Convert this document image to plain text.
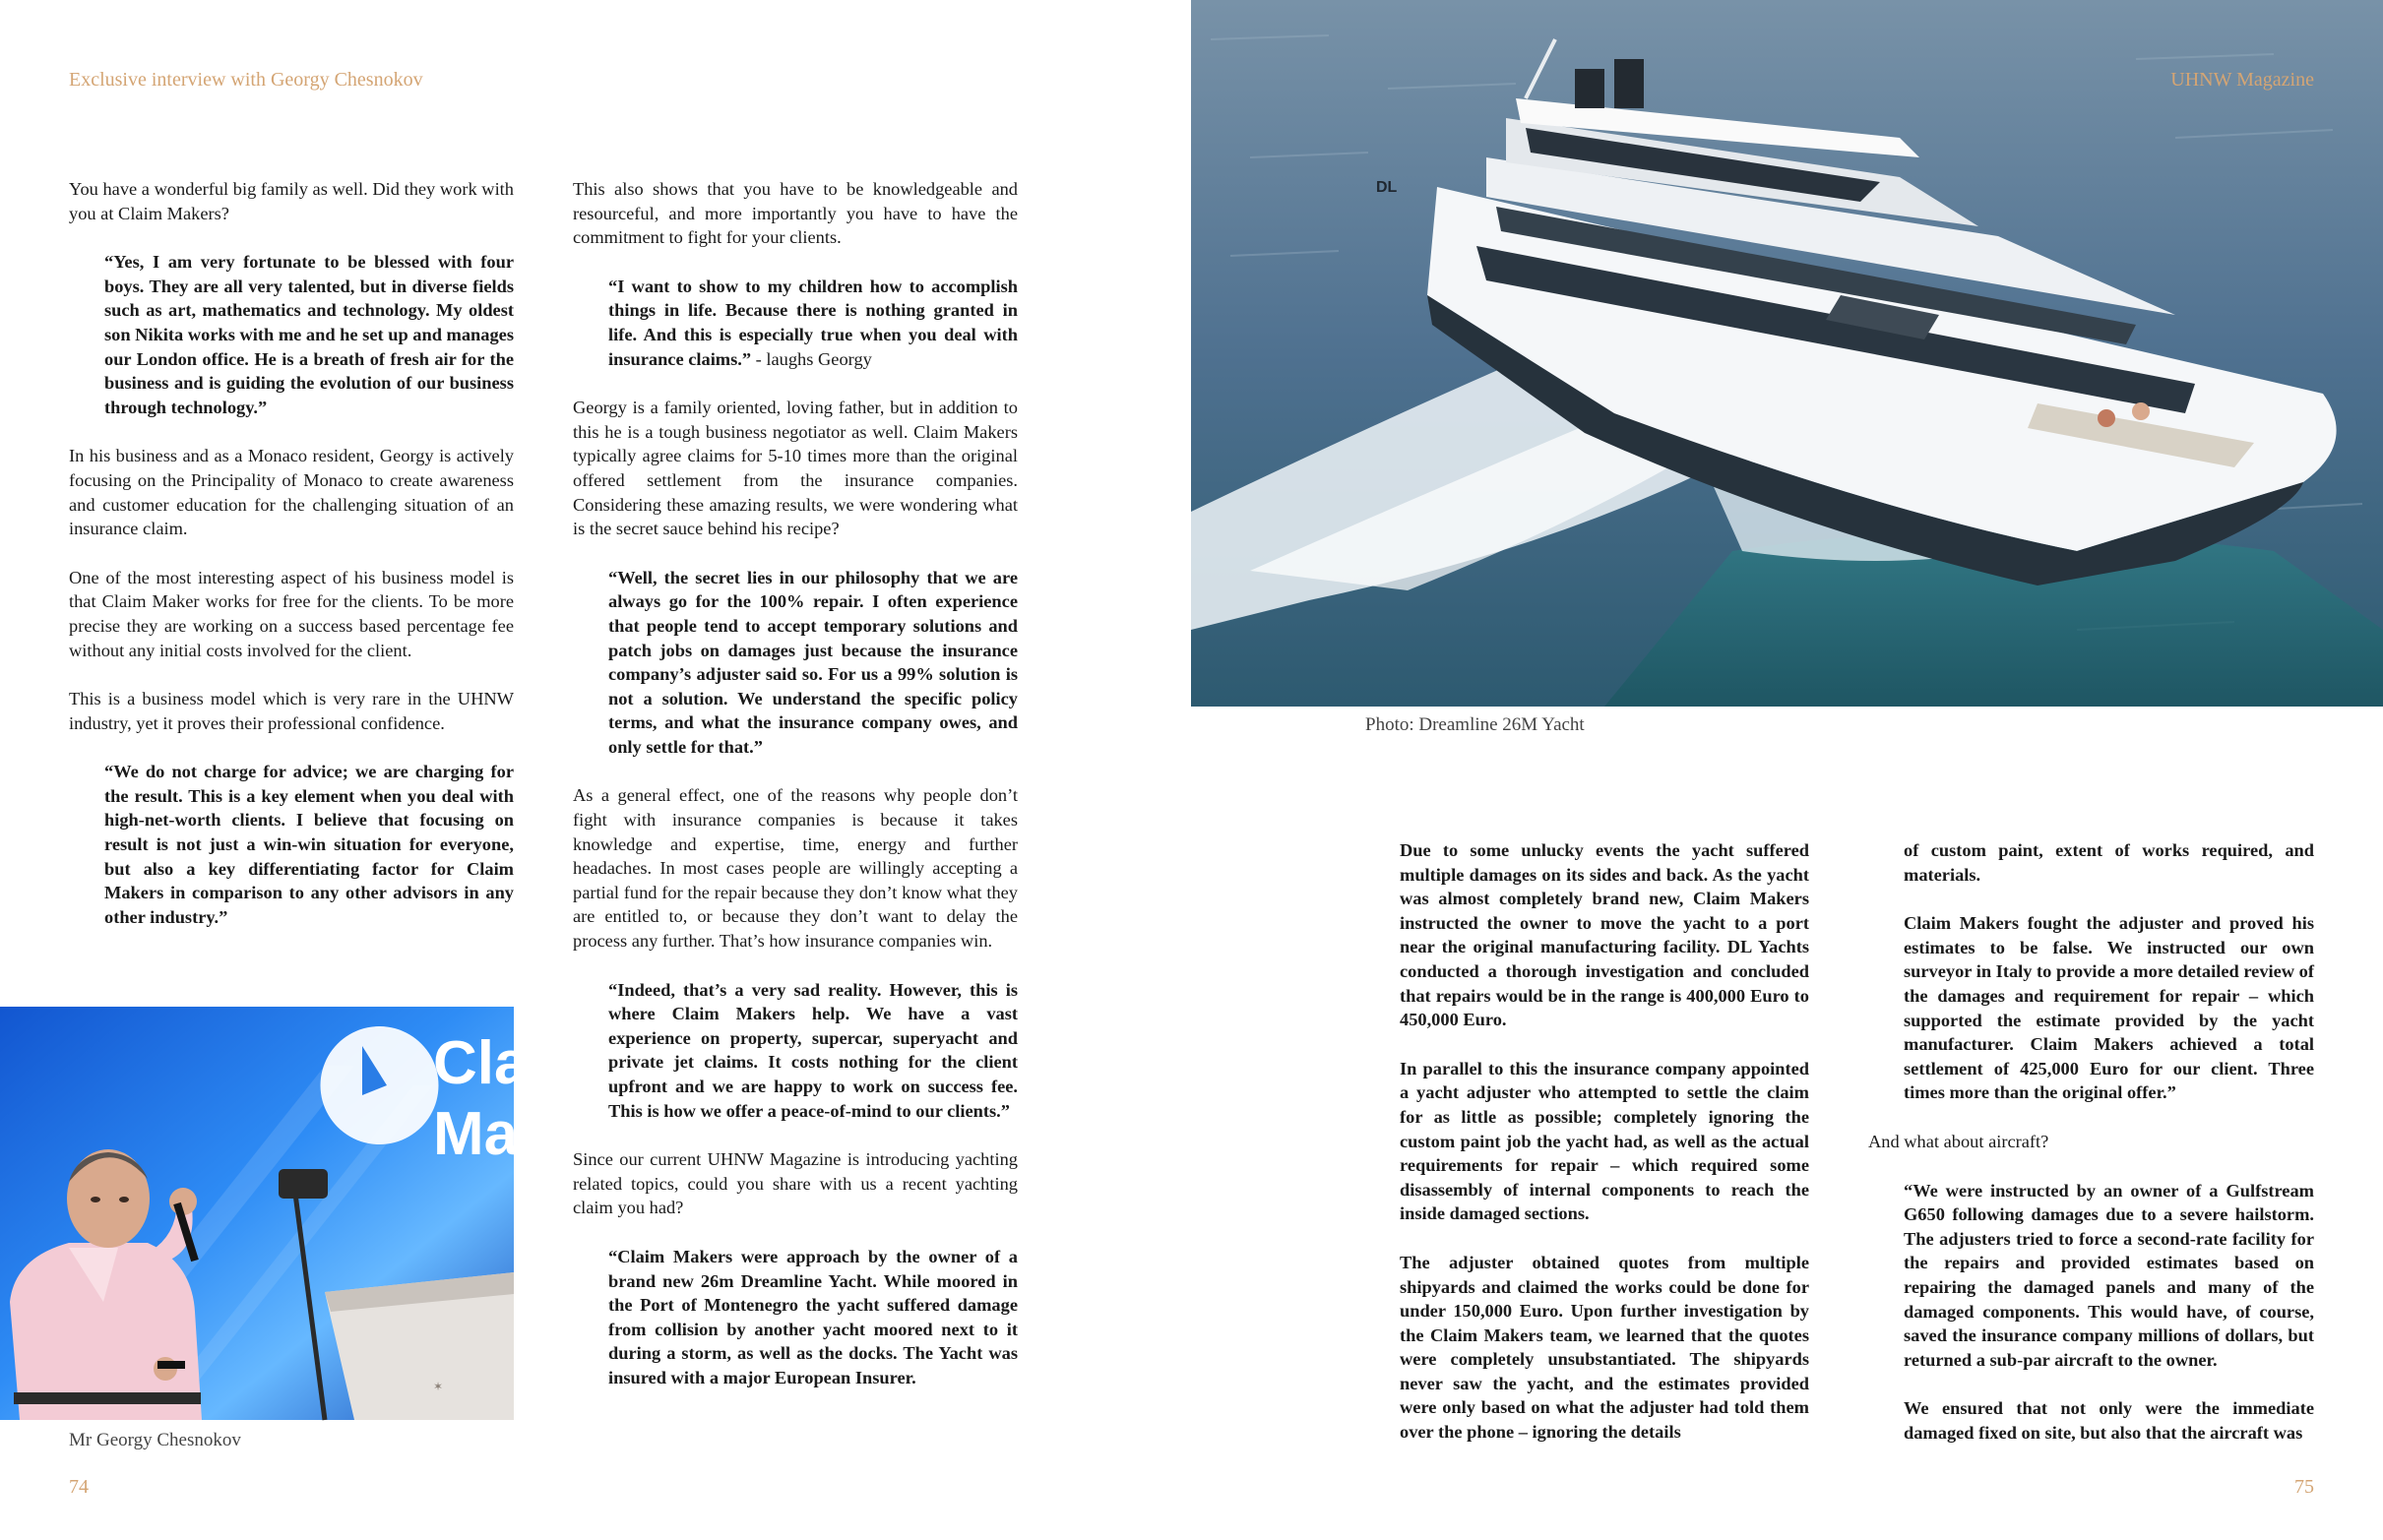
Exclusive interview with Georgy Chesnokov

You have a wonderful big family as well. Did they work with you at Claim Makers?

“Yes, I am very fortunate to be blessed with four boys. They are all very talented, but in diverse fields such as art, mathematics and technology. My oldest son Nikita works with me and he set up and manages our London office. He is a breath of fresh air for the business and is guiding the evolution of our business through technology.”

In his business and as a Monaco resident, Georgy is actively focusing on the Principality of Monaco to create awareness and customer education for the challenging situation of an insurance claim.

One of the most interesting aspect of his business model is that Claim Maker works for free for the clients. To be more precise they are working on a success based percentage fee without any initial costs involved for the client.

This is a business model which is very rare in the UHNW industry, yet it proves their professional confidence.

“We do not charge for advice; we are charging for the result. This is a key element when you deal with high-net-worth clients. I believe that focusing on result is not just a win-win situation for everyone, but also a key differentiating factor for Claim Makers in comparison to any other advisors in any other industry.”

This also shows that you have to be knowledgeable and resourceful, and more importantly you have to have the commitment to fight for your clients.

“I want to show to my children how to accomplish things in life. Because there is nothing granted in life. And this is especially true when you deal with insurance claims.” - laughs Georgy

Georgy is a family oriented, loving father, but in addition to this he is a tough business negotiator as well. Claim Makers typically agree claims for 5-10 times more than the original offered settlement from the insurance companies. Considering these amazing results, we were wondering what is the secret sauce behind his recipe?

“Well, the secret lies in our philosophy that we are always go for the 100% repair. I often experience that people tend to accept temporary solutions and patch jobs on damages just because the insurance company’s adjuster said so. For us a 99% solution is not a solution. We understand the specific policy terms, and what the insurance company owes, and only settle for that.”

As a general effect, one of the reasons why people don’t fight with insurance companies is because it takes knowledge and expertise, time, energy and further headaches. In most cases people are willingly accepting a partial fund for the repair because they don’t know what they are entitled to, or because they don’t want to delay the process any further. That’s how insurance companies win.

“Indeed, that’s a very sad reality. However, this is where Claim Makers help. We have a vast experience on property, supercar, superyacht and private jet claims. It costs nothing for the client upfront and we are happy to work on success fee. This is how we offer a peace-of-mind to our clients.”

Since our current UHNW Magazine is introducing yachting related topics, could you share with us a recent yachting claim you had?

“Claim Makers were approach by the owner of a brand new 26m Dreamline Yacht. While moored in the Port of Montenegro the yacht suffered damage from collision by another yacht moored next to it during a storm, as well as the docks. The Yacht was insured with a major European Insurer.

Cla
Ma
✶
Mr Georgy Chesnokov
74
DL
UHNW Magazine
Photo: Dreamline 26M Yacht

Due to some unlucky events the yacht suffered multiple damages on its sides and back. As the yacht was almost completely brand new, Claim Makers instructed the owner to move the yacht to a port near the original manufacturing facility. DL Yachts conducted a thorough investigation and concluded that repairs would be in the range is 400,000 Euro to 450,000 Euro.

In parallel to this the insurance company appointed a yacht adjuster who attempted to settle the claim for as little as possible; completely ignoring the custom paint job the yacht had, as well as the actual requirements for repair – which required some disassembly of internal components to reach the inside damaged sections.

The adjuster obtained quotes from multiple shipyards and claimed the works could be done for under 150,000 Euro. Upon further investigation by the Claim Makers team, we learned that the quotes were completely unsubstantiated. The shipyards never saw the yacht, and the estimates provided were only based on what the adjuster had told them over the phone – ignoring the details

of custom paint, extent of works required, and materials.

Claim Makers fought the adjuster and proved his estimates to be false. We instructed our own surveyor in Italy to provide a more detailed review of the damages and requirement for repair – which supported the estimate provided by the yacht manufacturer. Claim Makers achieved a total settlement of 425,000 Euro for our client. Three times more than the original offer.”

And what about aircraft?

“We were instructed by an owner of a Gulfstream G650 following damages due to a severe hailstorm. The adjusters tried to force a second-rate facility for the repairs and provided estimates based on repairing the damaged panels and many of the damaged components. This would have, of course, saved the insurance company millions of dollars, but returned a sub-par aircraft to the owner.

We ensured that not only were the immediate damaged fixed on site, but also that the aircraft was

75
